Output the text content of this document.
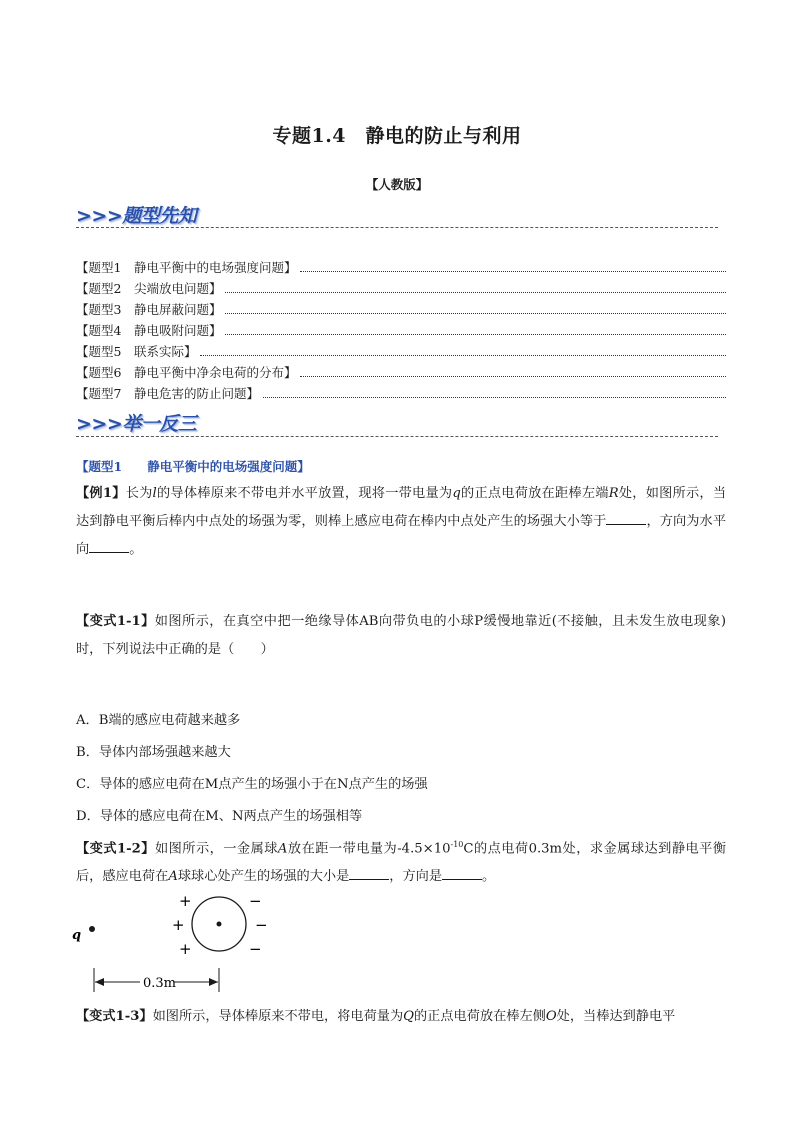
专题1.4　静电的防止与利用
【人教版】
>>>题型先知
【题型1　静电平衡中的电场强度问题】
【题型2　尖端放电问题】
【题型3　静电屏蔽问题】
【题型4　静电吸附问题】
【题型5　联系实际】
【题型6　静电平衡中净余电荷的分布】
【题型7　静电危害的防止问题】
>>>举一反三
【题型1　　静电平衡中的电场强度问题】
【例1】长为l的导体棒原来不带电并水平放置，现将一带电量为q的正点电荷放在距棒左端R处，如图所示，当达到静电平衡后棒内中点处的场强为零，则棒上感应电荷在棒内中点处产生的场强大小等于	，方向为水平向	。
【变式1-1】如图所示，在真空中把一绝缘导体AB向带负电的小球P缓慢地靠近(不接触，且未发生放电现象)时，下列说法中正确的是（　　）
A．B端的感应电荷越来越多
B．导体内部场强越来越大
C．导体的感应电荷在M点产生的场强小于在N点产生的场强
D．导体的感应电荷在M、N两点产生的场强相等
【变式1-2】如图所示，一金属球A放在距一带电量为$-4.5\times 10^{-10}C$的点电荷0.3m处，求金属球达到静电平衡后，感应电荷在A球球心处产生的场强的大小是	，方向是	。
q
+
+
+
−
−
−
0.3m
【变式1-3】如图所示，导体棒原来不带电，将电荷量为Q的正点电荷放在棒左侧O处，当棒达到静电平
